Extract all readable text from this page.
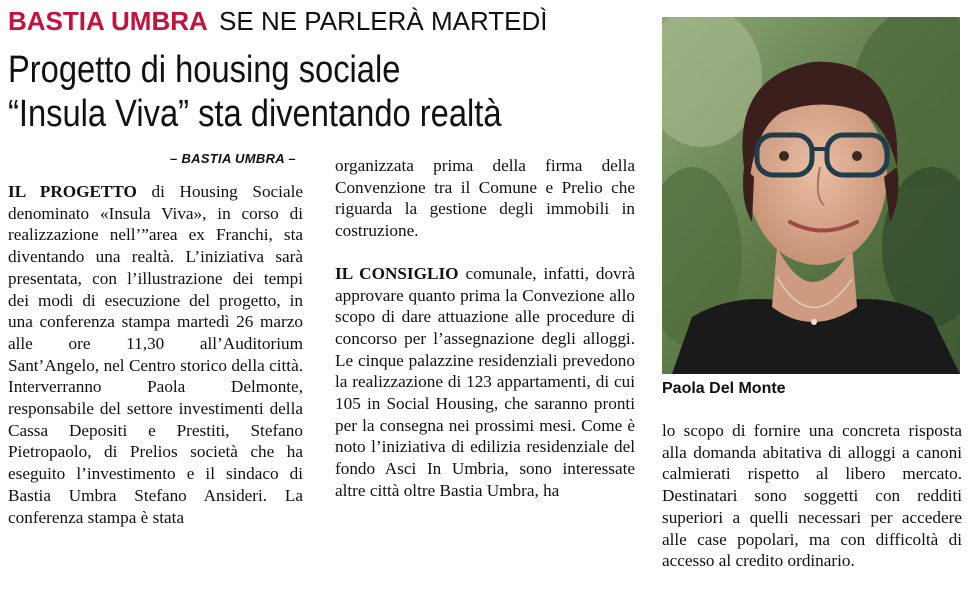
BASTIA UMBRA SE NE PARLERÀ MARTEDÌ
Progetto di housing sociale
“Insula Viva” sta diventando realtà
– BASTIA UMBRA –

IL PROGETTO di Housing Sociale denominato «Insula Viva», in corso di realizzazione nell’”area ex Franchi, sta diventando una realtà. L’iniziativa sarà presentata, con l’illustrazione dei tempi dei modi di esecuzione del progetto, in una conferenza stampa martedì 26 marzo alle ore 11,30 all’Auditorium Sant’Angelo, nel Centro storico della città. Interverranno Paola Delmonte, responsabile del settore investimenti della Cassa Depositi e Prestiti, Stefano Pietropaolo, di Prelios società che ha eseguito l’investimento e il sindaco di Bastia Umbra Stefano Ansideri. La conferenza stampa è stata

organizzata prima della firma della Convenzione tra il Comune e Prelio che riguarda la gestione degli immobili in costruzione.

IL CONSIGLIO comunale, infatti, dovrà approvare quanto prima la Convezione allo scopo di dare attuazione alle procedure di concorso per l’assegnazione degli alloggi. Le cinque palazzine residenziali prevedono la realizzazione di 123 appartamenti, di cui 105 in Social Housing, che saranno pronti per la consegna nei prossimi mesi. Come è noto l’iniziativa di edilizia residenziale del fondo Asci In Umbria, sono interessate altre città oltre Bastia Umbra, ha

Paola Del Monte

lo scopo di fornire una concreta risposta alla domanda abitativa di alloggi a canoni calmierati rispetto al libero mercato. Destinatari sono soggetti con redditi superiori a quelli necessari per accedere alle case popolari, ma con difficoltà di accesso al credito ordinario.
